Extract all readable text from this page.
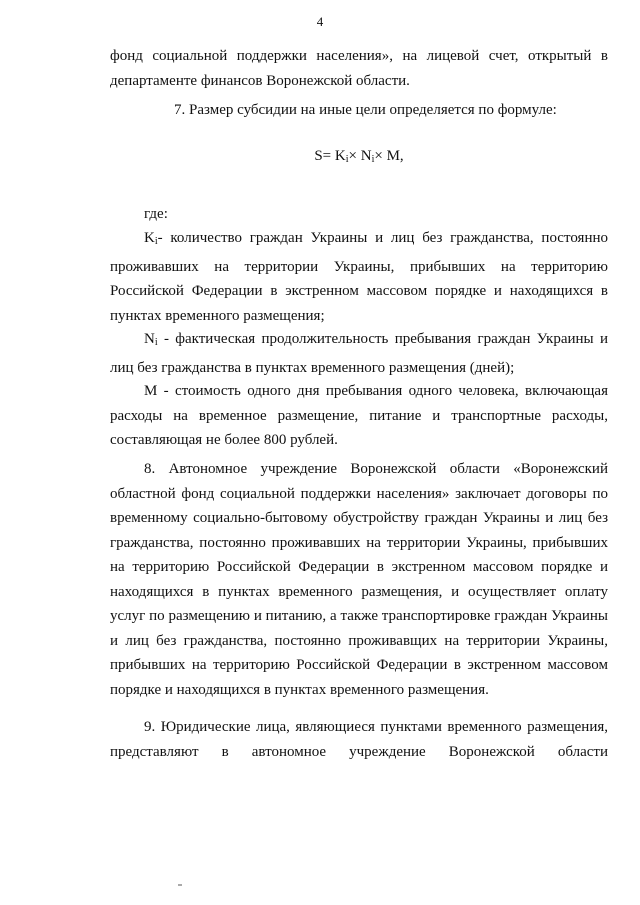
4

фонд социальной поддержки населения», на лицевой счет, открытый в департаменте финансов Воронежской области.

7. Размер субсидии на иные цели определяется по формуле:

$S= K_i\times N_i\times M$,

где:

$K_i-$ количество граждан Украины и лиц без гражданства, постоянно проживавших на территории Украины, прибывших на территорию Российской Федерации в экстренном массовом порядке и находящихся в пунктах временного размещения;

$N_i$ - фактическая продолжительность пребывания граждан Украины и лиц без гражданства в пунктах временного размещения (дней);

М - стоимость одного дня пребывания одного человека, включающая расходы на временное размещение, питание и транспортные расходы, составляющая не более 800 рублей.

8. Автономное учреждение Воронежской области «Воронежский областной фонд социальной поддержки населения» заключает договоры по временному социально-бытовому обустройству граждан Украины и лиц без гражданства, постоянно проживавших на территории Украины, прибывших на территорию Российской Федерации в экстренном массовом порядке и находящихся в пунктах временного размещения, и осуществляет оплату услуг по размещению и питанию, а также транспортировке граждан Украины и лиц без гражданства, постоянно проживавщих на территории Украины, прибывших на территорию Российской Федерации в экстренном массовом порядке и находящихся в пунктах временного размещения.

9. Юридические лица, являющиеся пунктами временного размещения, представляют в автономное учреждение Воронежской области
